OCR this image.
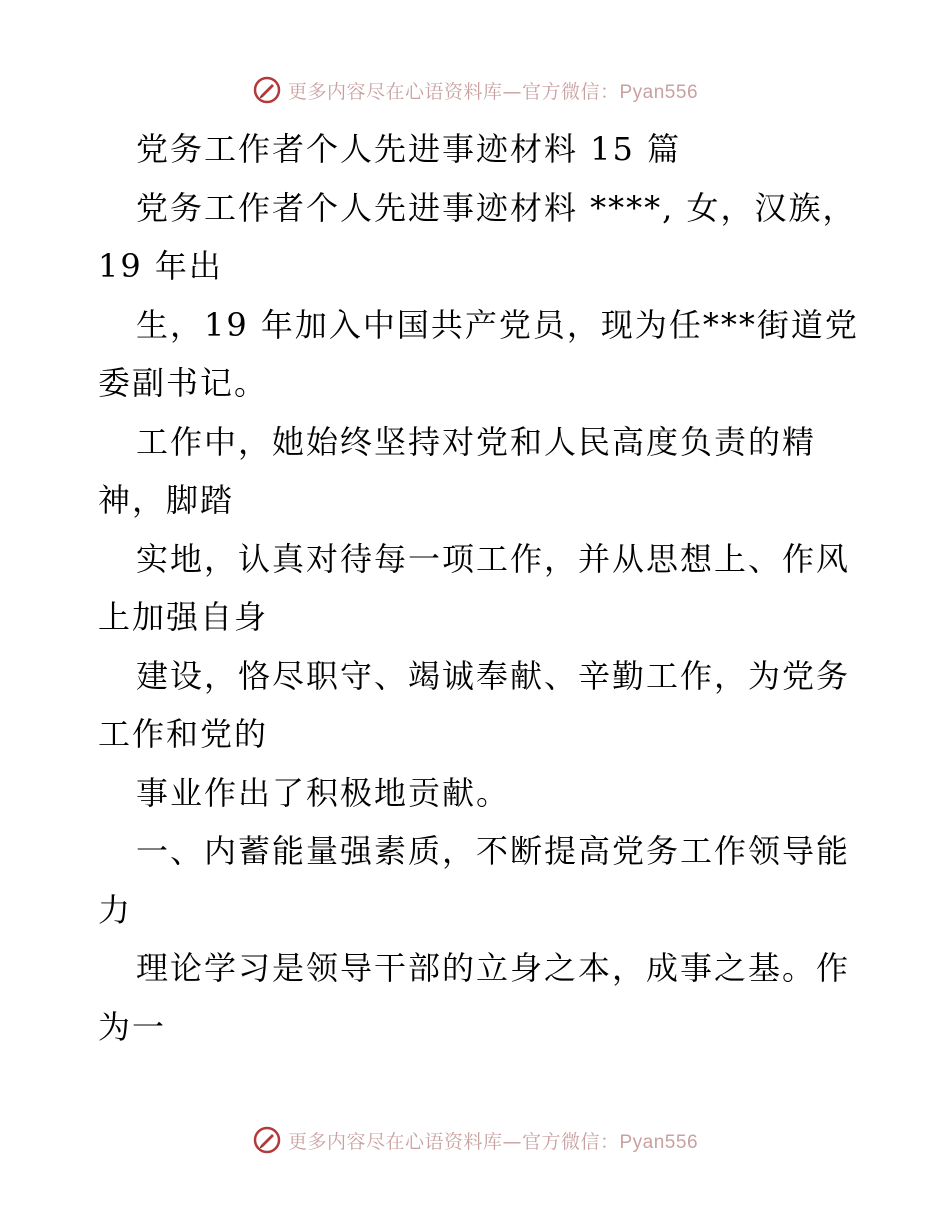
更多内容尽在心语资料库—官方微信：Pyan556
党务工作者个人先进事迹材料 15 篇
党务工作者个人先进事迹材料 ****, 女，汉族，
19 年出
生，19 年加入中国共产党员，现为任***街道党
委副书记。
工作中，她始终坚持对党和人民高度负责的精
神，脚踏
实地，认真对待每一项工作，并从思想上、作风
上加强自身
建设，恪尽职守、竭诚奉献、辛勤工作，为党务
工作和党的
事业作出了积极地贡献。
一、内蓄能量强素质，不断提高党务工作领导能
力
理论学习是领导干部的立身之本，成事之基。作
为一
更多内容尽在心语资料库—官方微信：Pyan556
